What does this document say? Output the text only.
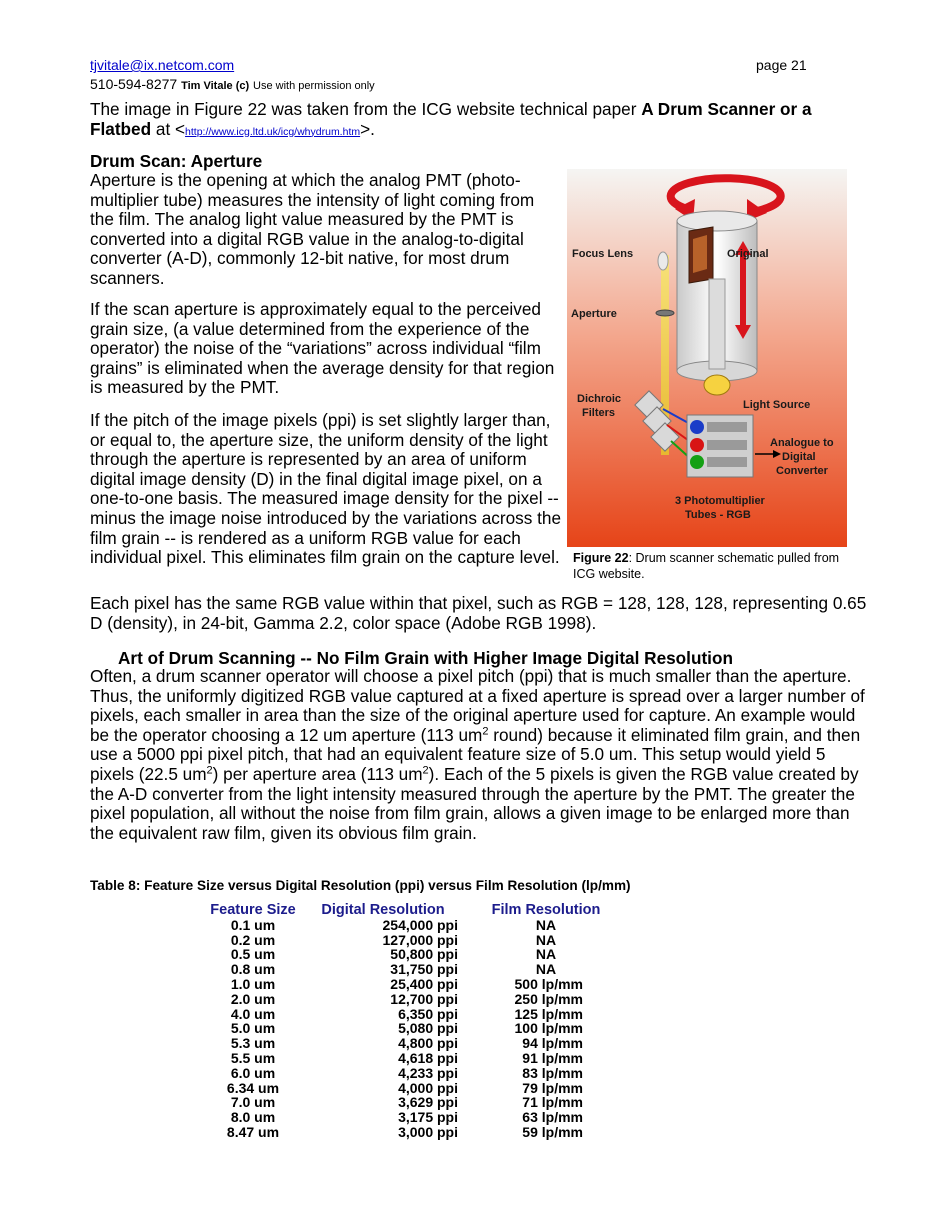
tjvitale@ix.netcom.com	page 21
510-594-8277 Tim Vitale (c) Use with permission only
The image in Figure 22 was taken from the ICG website technical paper A Drum Scanner or a Flatbed at <http://www.icg.ltd.uk/icg/whydrum.htm>.
Drum Scan: Aperture
Aperture is the opening at which the analog PMT (photo-multiplier tube) measures the intensity of light coming from the film. The analog light value measured by the PMT is converted into a digital RGB value in the analog-to-digital converter (A-D), commonly 12-bit native, for most drum scanners.
If the scan aperture is approximately equal to the perceived grain size, (a value determined from the experience of the operator) the noise of the “variations” across individual “film grains” is eliminated when the average density for that region is measured by the PMT.
If the pitch of the image pixels (ppi) is set slightly larger than, or equal to, the aperture size, the uniform density of the light through the aperture is represented by an area of uniform digital image density (D) in the final digital image pixel, on a one-to-one basis. The measured image density for the pixel -- minus the image noise introduced by the variations across the film grain -- is rendered as a uniform RGB value for each individual pixel. This eliminates film grain on the capture level.
Each pixel has the same RGB value within that pixel, such as RGB = 128, 128, 128, representing 0.65 D (density), in 24-bit, Gamma 2.2, color space (Adobe RGB 1998).
Focus Lens	Original
Aperture
Dichroic
Filters
Light Source
Analogue to
Digital
Converter
3 Photomultiplier
Tubes - RGB
Figure 22: Drum scanner schematic pulled from ICG website.
Art of Drum Scanning -- No Film Grain with Higher Image Digital Resolution
Often, a drum scanner operator will choose a pixel pitch (ppi) that is much smaller than the aperture. Thus, the uniformly digitized RGB value captured at a fixed aperture is spread over a larger number of pixels, each smaller in area than the size of the original aperture used for capture. An example would be the operator choosing a 12 um aperture (113 $um^2$ round) because it eliminated film grain, and then use a 5000 ppi pixel pitch, that had an equivalent feature size of 5.0 um. This setup would yield 5 pixels (22.5 $um^2$) per aperture area (113 $um^2$). Each of the 5 pixels is given the RGB value created by the A-D converter from the light intensity measured through the aperture by the PMT. The greater the pixel population, all without the noise from film grain, allows a given image to be enlarged more than the equivalent raw film, given its obvious film grain.
Table 8: Feature Size versus Digital Resolution (ppi) versus Film Resolution (lp/mm)
Feature Size	Digital Resolution	Film Resolution
0.1 um	254,000 ppi	NA
0.2 um	127,000 ppi	NA
0.5 um	50,800 ppi	NA
0.8 um	31,750 ppi	NA
1.0 um	25,400 ppi	500 lp/mm
2.0 um	12,700 ppi	250 lp/mm
4.0 um	6,350 ppi	125 lp/mm
5.0 um	5,080 ppi	100 lp/mm
5.3 um	4,800 ppi	94 lp/mm
5.5 um	4,618 ppi	91 lp/mm
6.0 um	4,233 ppi	83 lp/mm
6.34 um	4,000 ppi	79 lp/mm
7.0 um	3,629 ppi	71 lp/mm
8.0 um	3,175 ppi	63 lp/mm
8.47 um	3,000 ppi	59 lp/mm
